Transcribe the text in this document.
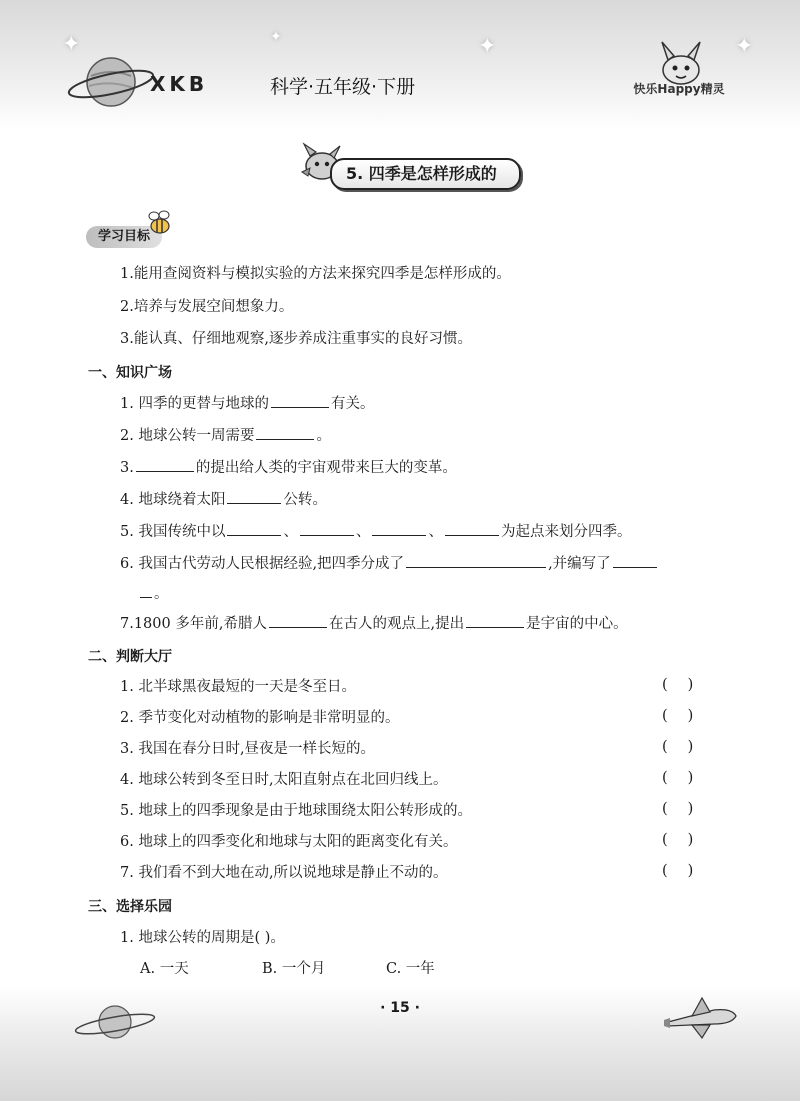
✦	✦	✦
✦
XKB	科学·五年级·下册	快乐Happy精灵
5. 四季是怎样形成的
学习目标
1.能用查阅资料与模拟实验的方法来探究四季是怎样形成的。
2.培养与发展空间想象力。
3.能认真、仔细地观察,逐步养成注重事实的良好习惯。
一、知识广场
1. 四季的更替与地球的	有关。
2. 地球公转一周需要	。
3.	的提出给人类的宇宙观带来巨大的变革。
4. 地球绕着太阳	公转。
5. 我国传统中以	、	、	、	为起点来划分四季。
6. 我国古代劳动人民根据经验,把四季分成了	,并编写了
。
7.1800 多年前,希腊人	在古人的观点上,提出	是宇宙的中心。
二、判断大厅
1. 北半球黑夜最短的一天是冬至日。	()
2. 季节变化对动植物的影响是非常明显的。	()
3. 我国在春分日时,昼夜是一样长短的。	()
4. 地球公转到冬至日时,太阳直射点在北回归线上。	()
5. 地球上的四季现象是由于地球围绕太阳公转形成的。	()
6. 地球上的四季变化和地球与太阳的距离变化有关。	()
7. 我们看不到大地在动,所以说地球是静止不动的。	()
三、选择乐园
1. 地球公转的周期是( )。
A. 一天	B. 一个月	C. 一年
· 15 ·
